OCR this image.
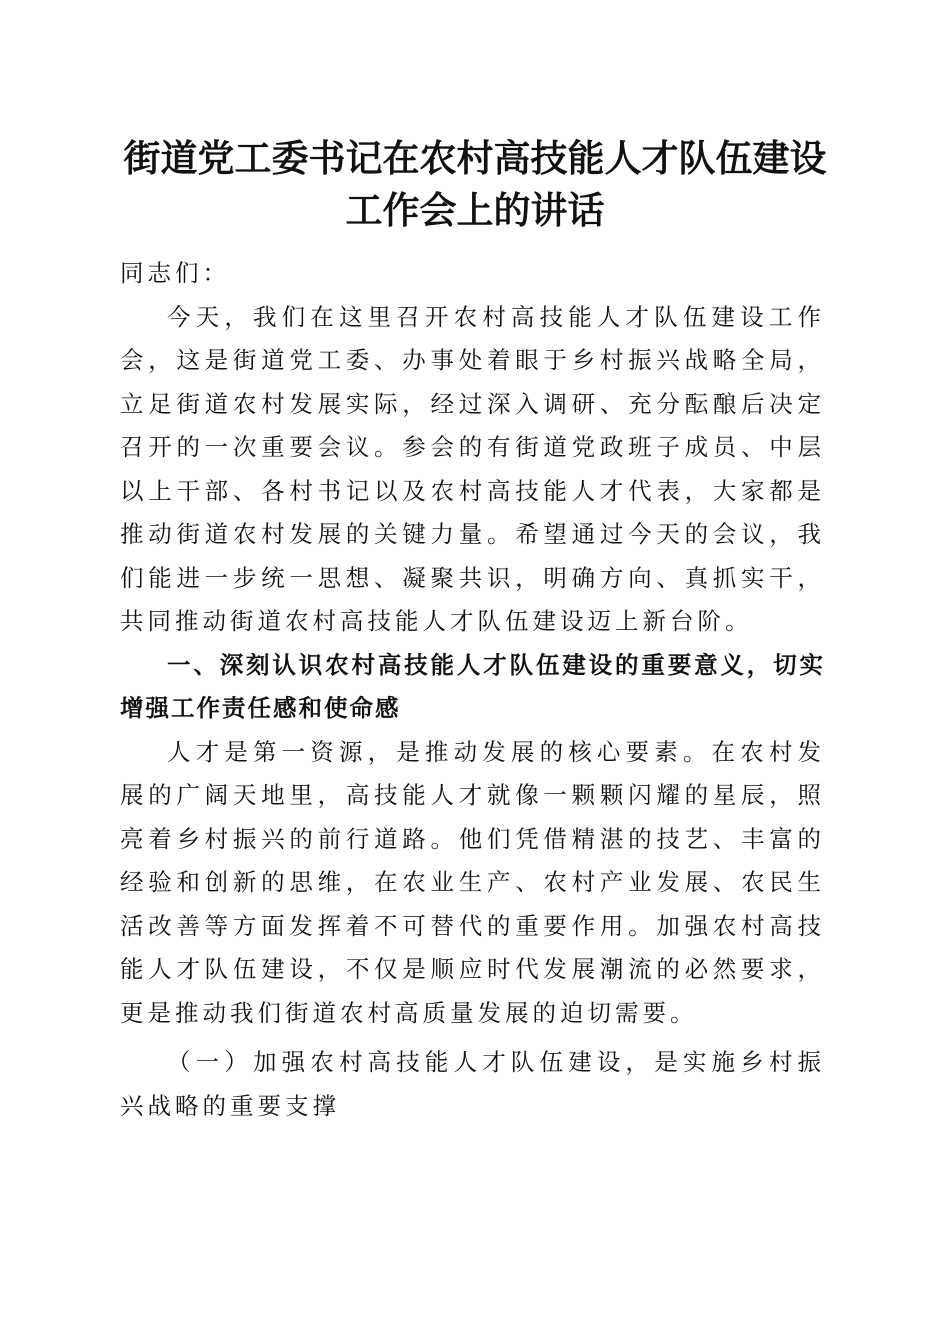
街道党工委书记在农村高技能人才队伍建设工作会上的讲话

同志们：

今天，我们在这里召开农村高技能人才队伍建设工作会，这是街道党工委、办事处着眼于乡村振兴战略全局，立足街道农村发展实际，经过深入调研、充分酝酿后决定召开的一次重要会议。参会的有街道党政班子成员、中层以上干部、各村书记以及农村高技能人才代表，大家都是推动街道农村发展的关键力量。希望通过今天的会议，我们能进一步统一思想、凝聚共识，明确方向、真抓实干，共同推动街道农村高技能人才队伍建设迈上新台阶。

一、深刻认识农村高技能人才队伍建设的重要意义，切实增强工作责任感和使命感

人才是第一资源，是推动发展的核心要素。在农村发展的广阔天地里，高技能人才就像一颗颗闪耀的星辰，照亮着乡村振兴的前行道路。他们凭借精湛的技艺、丰富的经验和创新的思维，在农业生产、农村产业发展、农民生活改善等方面发挥着不可替代的重要作用。加强农村高技能人才队伍建设，不仅是顺应时代发展潮流的必然要求，更是推动我们街道农村高质量发展的迫切需要。

（一）加强农村高技能人才队伍建设，是实施乡村振兴战略的重要支撑
